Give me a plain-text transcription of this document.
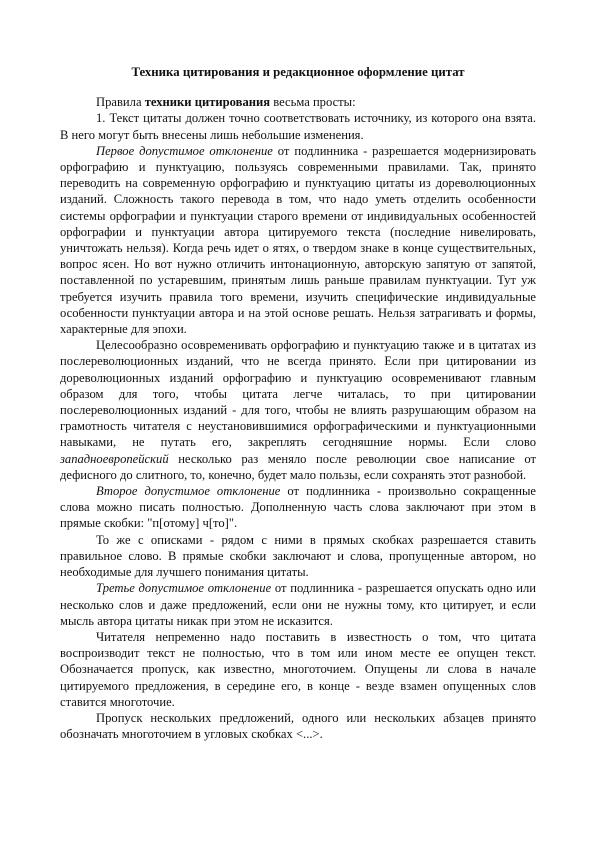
Техника цитирования и редакционное оформление цитат

Правила техники цитирования весьма просты:

1. Текст цитаты должен точно соответствовать источнику, из которого она взята. В него могут быть внесены лишь небольшие изменения.

Первое допустимое отклонение от подлинника - разрешается модернизировать орфографию и пунктуацию, пользуясь современными правилами. Так, принято переводить на современную орфографию и пунктуацию цитаты из дореволюционных изданий. Сложность такого перевода в том, что надо уметь отделить особенности системы орфографии и пунктуации старого времени от индивидуальных особенностей орфографии и пунктуации автора цитируемого текста (последние нивелировать, уничтожать нельзя). Когда речь идет о ятях, о твердом знаке в конце существительных, вопрос ясен. Но вот нужно отличить интонационную, авторскую запятую от запятой, поставленной по устаревшим, принятым лишь раньше правилам пунктуации. Тут уж требуется изучить правила того времени, изучить специфические индивидуальные особенности пунктуации автора и на этой основе решать. Нельзя затрагивать и формы, характерные для эпохи.

Целесообразно осовременивать орфографию и пунктуацию также и в цитатах из послереволюционных изданий, что не всегда принято. Если при цитировании из дореволюционных изданий орфографию и пунктуацию осовременивают главным образом для того, чтобы цитата легче читалась, то при цитировании послереволюционных изданий - для того, чтобы не влиять разрушающим образом на грамотность читателя с неустановившимися орфографическими и пунктуационными навыками, не путать его, закреплять сегодняшние нормы. Если слово западноевропейский несколько раз меняло после революции свое написание от дефисного до слитного, то, конечно, будет мало пользы, если сохранять этот разнобой.

Второе допустимое отклонение от подлинника - произвольно сокращенные слова можно писать полностью. Дополненную часть слова заключают при этом в прямые скобки: "п[отому] ч[то]".

То же с описками - рядом с ними в прямых скобках разрешается ставить правильное слово. В прямые скобки заключают и слова, пропущенные автором, но необходимые для лучшего понимания цитаты.

Третье допустимое отклонение от подлинника - разрешается опускать одно или несколько слов и даже предложений, если они не нужны тому, кто цитирует, и если мысль автора цитаты никак при этом не исказится.

Читателя непременно надо поставить в известность о том, что цитата воспроизводит текст не полностью, что в том или ином месте ее опущен текст. Обозначается пропуск, как известно, многоточием. Опущены ли слова в начале цитируемого предложения, в середине его, в конце - везде взамен опущенных слов ставится многоточие.

Пропуск нескольких предложений, одного или нескольких абзацев принято обозначать многоточием в угловых скобках <...>.
